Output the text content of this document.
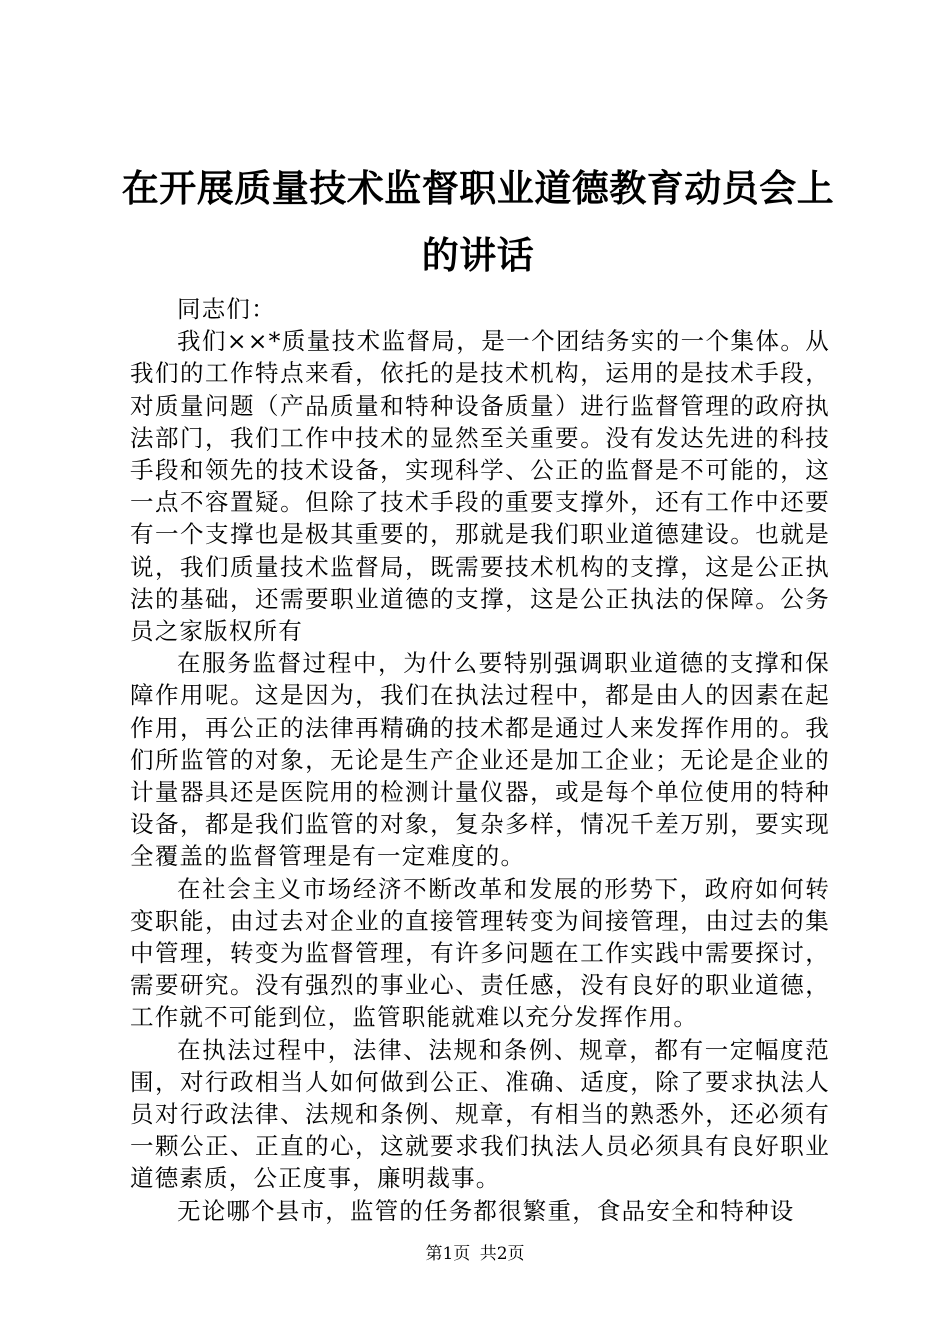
在开展质量技术监督职业道德教育动员会上的讲话

同志们：

我们××*质量技术监督局，是一个团结务实的一个集体。从我们的工作特点来看，依托的是技术机构，运用的是技术手段，对质量问题（产品质量和特种设备质量）进行监督管理的政府执法部门，我们工作中技术的显然至关重要。没有发达先进的科技手段和领先的技术设备，实现科学、公正的监督是不可能的，这一点不容置疑。但除了技术手段的重要支撑外，还有工作中还要有一个支撑也是极其重要的，那就是我们职业道德建设。也就是说，我们质量技术监督局，既需要技术机构的支撑，这是公正执法的基础，还需要职业道德的支撑，这是公正执法的保障。公务员之家版权所有

在服务监督过程中，为什么要特别强调职业道德的支撑和保障作用呢。这是因为，我们在执法过程中，都是由人的因素在起作用，再公正的法律再精确的技术都是通过人来发挥作用的。我们所监管的对象，无论是生产企业还是加工企业；无论是企业的计量器具还是医院用的检测计量仪器，或是每个单位使用的特种设备，都是我们监管的对象，复杂多样，情况千差万别，要实现全覆盖的监督管理是有一定难度的。

在社会主义市场经济不断改革和发展的形势下，政府如何转变职能，由过去对企业的直接管理转变为间接管理，由过去的集中管理，转变为监督管理，有许多问题在工作实践中需要探讨，需要研究。没有强烈的事业心、责任感，没有良好的职业道德，工作就不可能到位，监管职能就难以充分发挥作用。

在执法过程中，法律、法规和条例、规章，都有一定幅度范围，对行政相当人如何做到公正、准确、适度，除了要求执法人员对行政法律、法规和条例、规章，有相当的熟悉外，还必须有一颗公正、正直的心，这就要求我们执法人员必须具有良好职业道德素质，公正度事，廉明裁事。

无论哪个县市，监管的任务都很繁重，食品安全和特种设

第1页 共2页
